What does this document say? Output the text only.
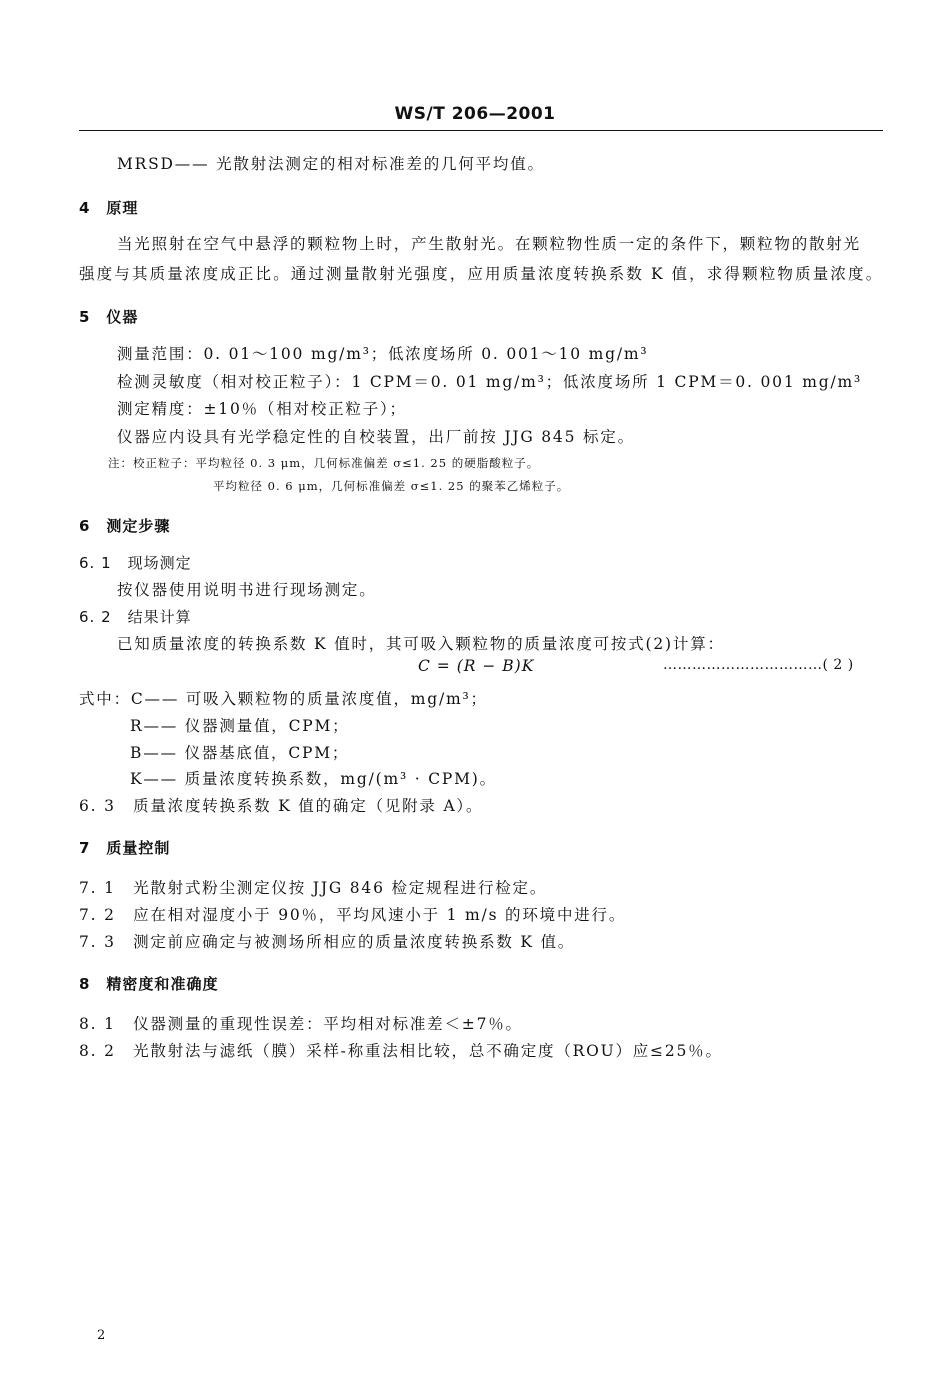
WS/T 206—2001
MRSD—— 光散射法测定的相对标准差的几何平均值。
4　原理
当光照射在空气中悬浮的颗粒物上时，产生散射光。在颗粒物性质一定的条件下，颗粒物的散射光
强度与其质量浓度成正比。通过测量散射光强度，应用质量浓度转换系数 K 值，求得颗粒物质量浓度。
5　仪器
测量范围：0. 01～100 mg/m³；低浓度场所 0. 001～10 mg/m³
检测灵敏度（相对校正粒子）：1 CPM＝0. 01 mg/m³；低浓度场所 1 CPM＝0. 001 mg/m³
测定精度：±10％（相对校正粒子）；
仪器应内设具有光学稳定性的自校装置，出厂前按 JJG 845 标定。
注：校正粒子：平均粒径 0. 3 μm，几何标准偏差 σ≤1. 25 的硬脂酸粒子。
平均粒径 0. 6 μm，几何标准偏差 σ≤1. 25 的聚苯乙烯粒子。
6　测定步骤
6. 1　现场测定
按仪器使用说明书进行现场测定。
6. 2　结果计算
已知质量浓度的转换系数 K 值时，其可吸入颗粒物的质量浓度可按式(2)计算：
C = (R − B)K	……………………………( 2 )
式中：C—— 可吸入颗粒物的质量浓度值，mg/m³；
R—— 仪器测量值，CPM；
B—— 仪器基底值，CPM；
K—— 质量浓度转换系数，mg/(m³ · CPM)。
6. 3　质量浓度转换系数 K 值的确定（见附录 A）。
7　质量控制
7. 1　光散射式粉尘测定仪按 JJG 846 检定规程进行检定。
7. 2　应在相对湿度小于 90％，平均风速小于 1 m/s 的环境中进行。
7. 3　测定前应确定与被测场所相应的质量浓度转换系数 K 值。
8　精密度和准确度
8. 1　仪器测量的重现性误差：平均相对标准差＜±7％。
8. 2　光散射法与滤纸（膜）采样-称重法相比较，总不确定度（ROU）应≤25％。
2
